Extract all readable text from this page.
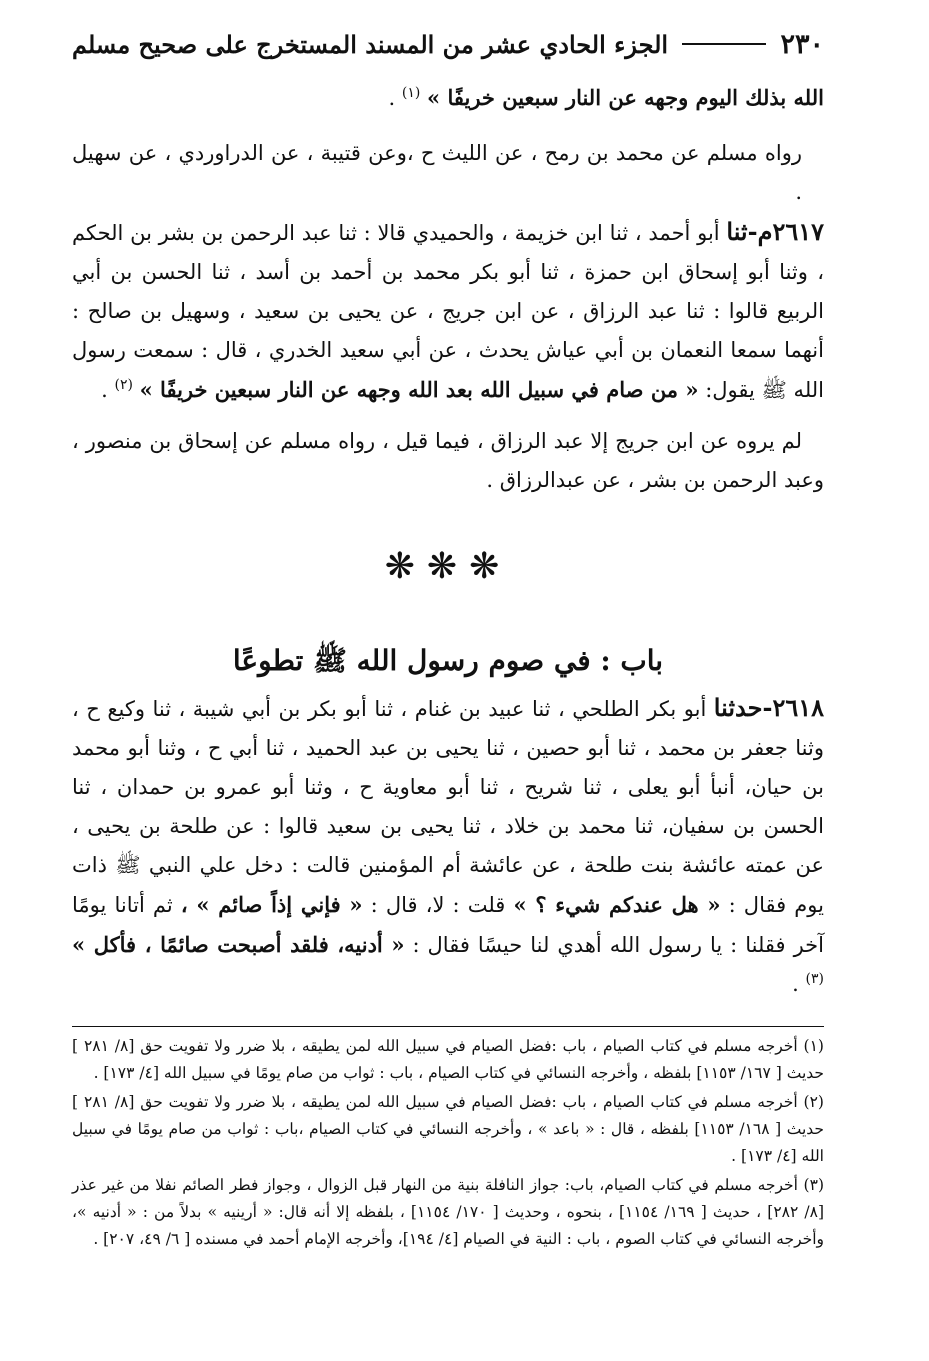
٢٣٠
الجزء الحادي عشر من المسند المستخرج على صحيح مسلم

الله بذلك اليوم وجهه عن النار سبعين خريفًا » $^{(١)}$ .

رواه مسلم عن محمد بن رمح ، عن الليث ح ،وعن قتيبة ، عن الدراوردي ، عن سهيل .

٢٦١٧م-ثنا أبو أحمد ، ثنا ابن خزيمة ، والحميدي قالا : ثنا عبد الرحمن بن بشر بن الحكم ، وثنا أبو إسحاق ابن حمزة ، ثنا أبو بكر محمد بن أحمد بن أسد ، ثنا الحسن بن أبي الربيع قالوا : ثنا عبد الرزاق ، عن ابن جريج ، عن يحيى بن سعيد ، وسهيل بن صالح : أنهما سمعا النعمان بن أبي عياش يحدث ، عن أبي سعيد الخدري ، قال : سمعت رسول الله ﷺ يقول: « من صام في سبيل الله بعد الله وجهه عن النار سبعين خريفًا » $^{(٢)}$ .

لم يروه عن ابن جريج إلا عبد الرزاق ، فيما قيل ، رواه مسلم عن إسحاق بن منصور ، وعبد الرحمن بن بشر ، عن عبدالرزاق .

❋❋❋
باب : في صوم رسول الله ﷺ تطوعًا

٢٦١٨-حدثنا أبو بكر الطلحي ، ثنا عبيد بن غنام ، ثنا أبو بكر بن أبي شيبة ، ثنا وكيع ح ، وثنا جعفر بن محمد ، ثنا أبو حصين ، ثنا يحيى بن عبد الحميد ، ثنا أبي ح ، وثنا أبو محمد بن حيان، أنبأ أبو يعلى ، ثنا شريح ، ثنا أبو معاوية ح ، وثنا أبو عمرو بن حمدان ، ثنا الحسن بن سفيان، ثنا محمد بن خلاد ، ثنا يحيى بن سعيد قالوا : عن طلحة بن يحيى ، عن عمته عائشة بنت طلحة ، عن عائشة أم المؤمنين قالت : دخل علي النبي ﷺ ذات يوم فقال : « هل عندكم شيء ؟ » قلت : لا، قال : « فإني إذاً صائم » ، ثم أتانا يومًا آخر فقلنا : يا رسول الله أهدي لنا حيسًا فقال : « أدنيه، فلقد أصبحت صائمًا ، فأكل » $^{(٣)}$ .

(١) أخرجه مسلم في كتاب الصيام ، باب :فضل الصيام في سبيل الله لمن يطيقه ، بلا ضرر ولا تفويت حق [٨/ ٢٨١ ] حديث [ ١٦٧/ ١١٥٣] بلفظه ، وأخرجه النسائي في كتاب الصيام ، باب : ثواب من صام يومًا في سبيل الله [٤/ ١٧٣] .

(٢) أخرجه مسلم في كتاب الصيام ، باب :فضل الصيام في سبيل الله لمن يطيقه ، بلا ضرر ولا تفويت حق [٨/ ٢٨١ ] حديث [ ١٦٨/ ١١٥٣] بلفظه ، قال : « باعد » ، وأخرجه النسائي في كتاب الصيام ،باب : ثواب من صام يومًا في سبيل الله [٤/ ١٧٣] .

(٣) أخرجه مسلم في كتاب الصيام، باب: جواز النافلة بنية من النهار قبل الزوال ، وجواز فطر الصائم نفلا من غير عذر [٨/ ٢٨٢] ، حديث [ ١٦٩/ ١١٥٤] ، بنحوه ، وحديث [ ١٧٠/ ١١٥٤] ، بلفظه إلا أنه قال: « أرينيه » بدلاً من : « أدنيه »، وأخرجه النسائي في كتاب الصوم ، باب : النية في الصيام [٤/ ١٩٤]، وأخرجه الإمام أحمد في مسنده [ ٦/ ٤٩، ٢٠٧] .
